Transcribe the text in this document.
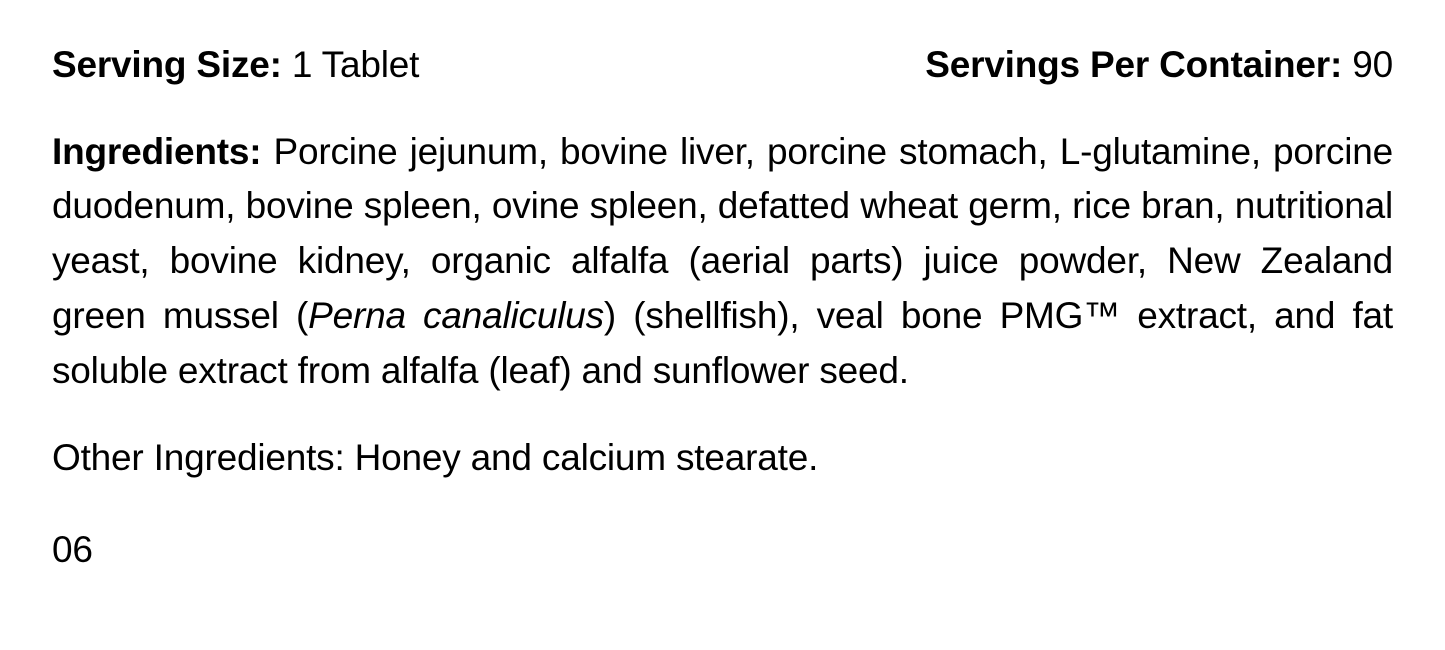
Serving Size: 1 Tablet	Servings Per Container: 90
Ingredients: Porcine jejunum, bovine liver, porcine stomach, L-glutamine, porcine duodenum, bovine spleen, ovine spleen, defatted wheat germ, rice bran, nutritional yeast, bovine kidney, organic alfalfa (aerial parts) juice powder, New Zealand green mussel (Perna canaliculus) (shellfish), veal bone PMG™ extract, and fat soluble extract from alfalfa (leaf) and sunflower seed.
Other Ingredients: Honey and calcium stearate.
06
